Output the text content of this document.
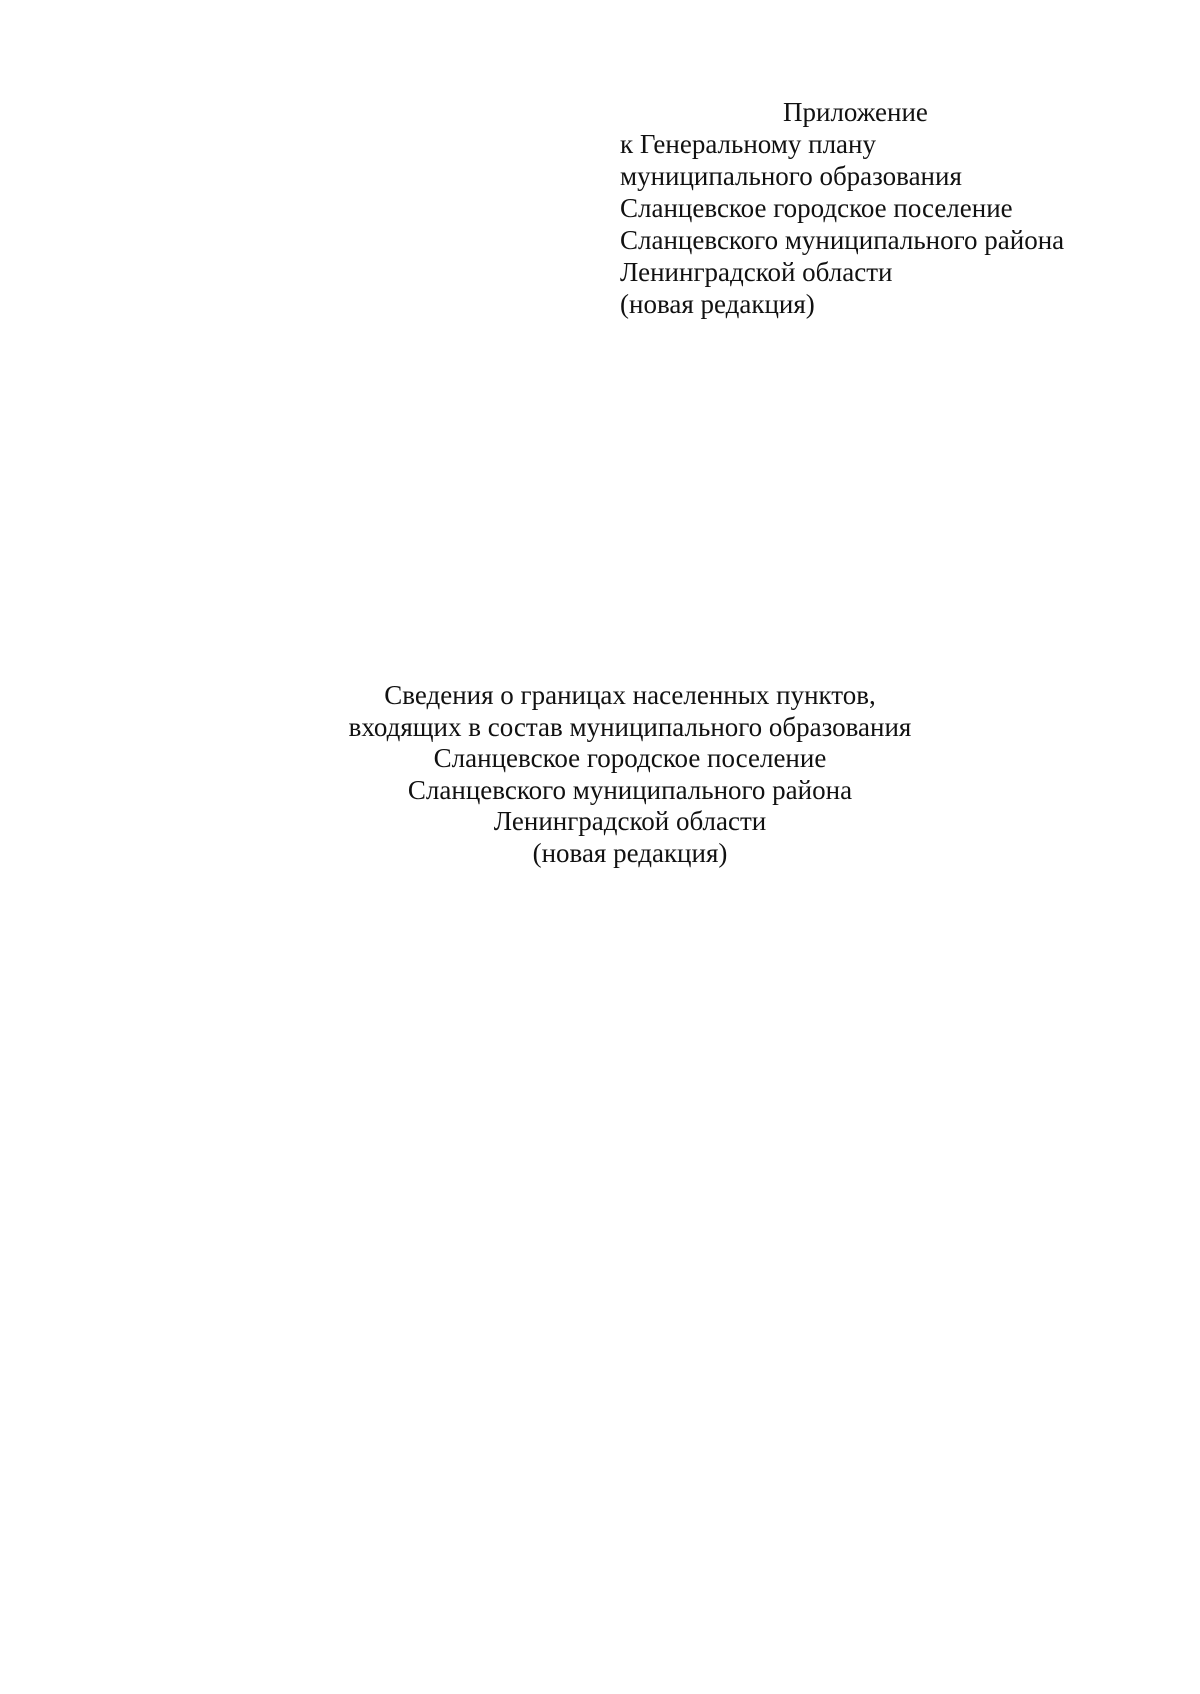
Приложение
к Генеральному плану
муниципального образования
Сланцевское городское поселение
Сланцевского муниципального района
Ленинградской области
(новая редакция)
Сведения о границах населенных пунктов,
входящих в состав муниципального образования
Сланцевское городское поселение
Сланцевского муниципального района
Ленинградской области
(новая редакция)
